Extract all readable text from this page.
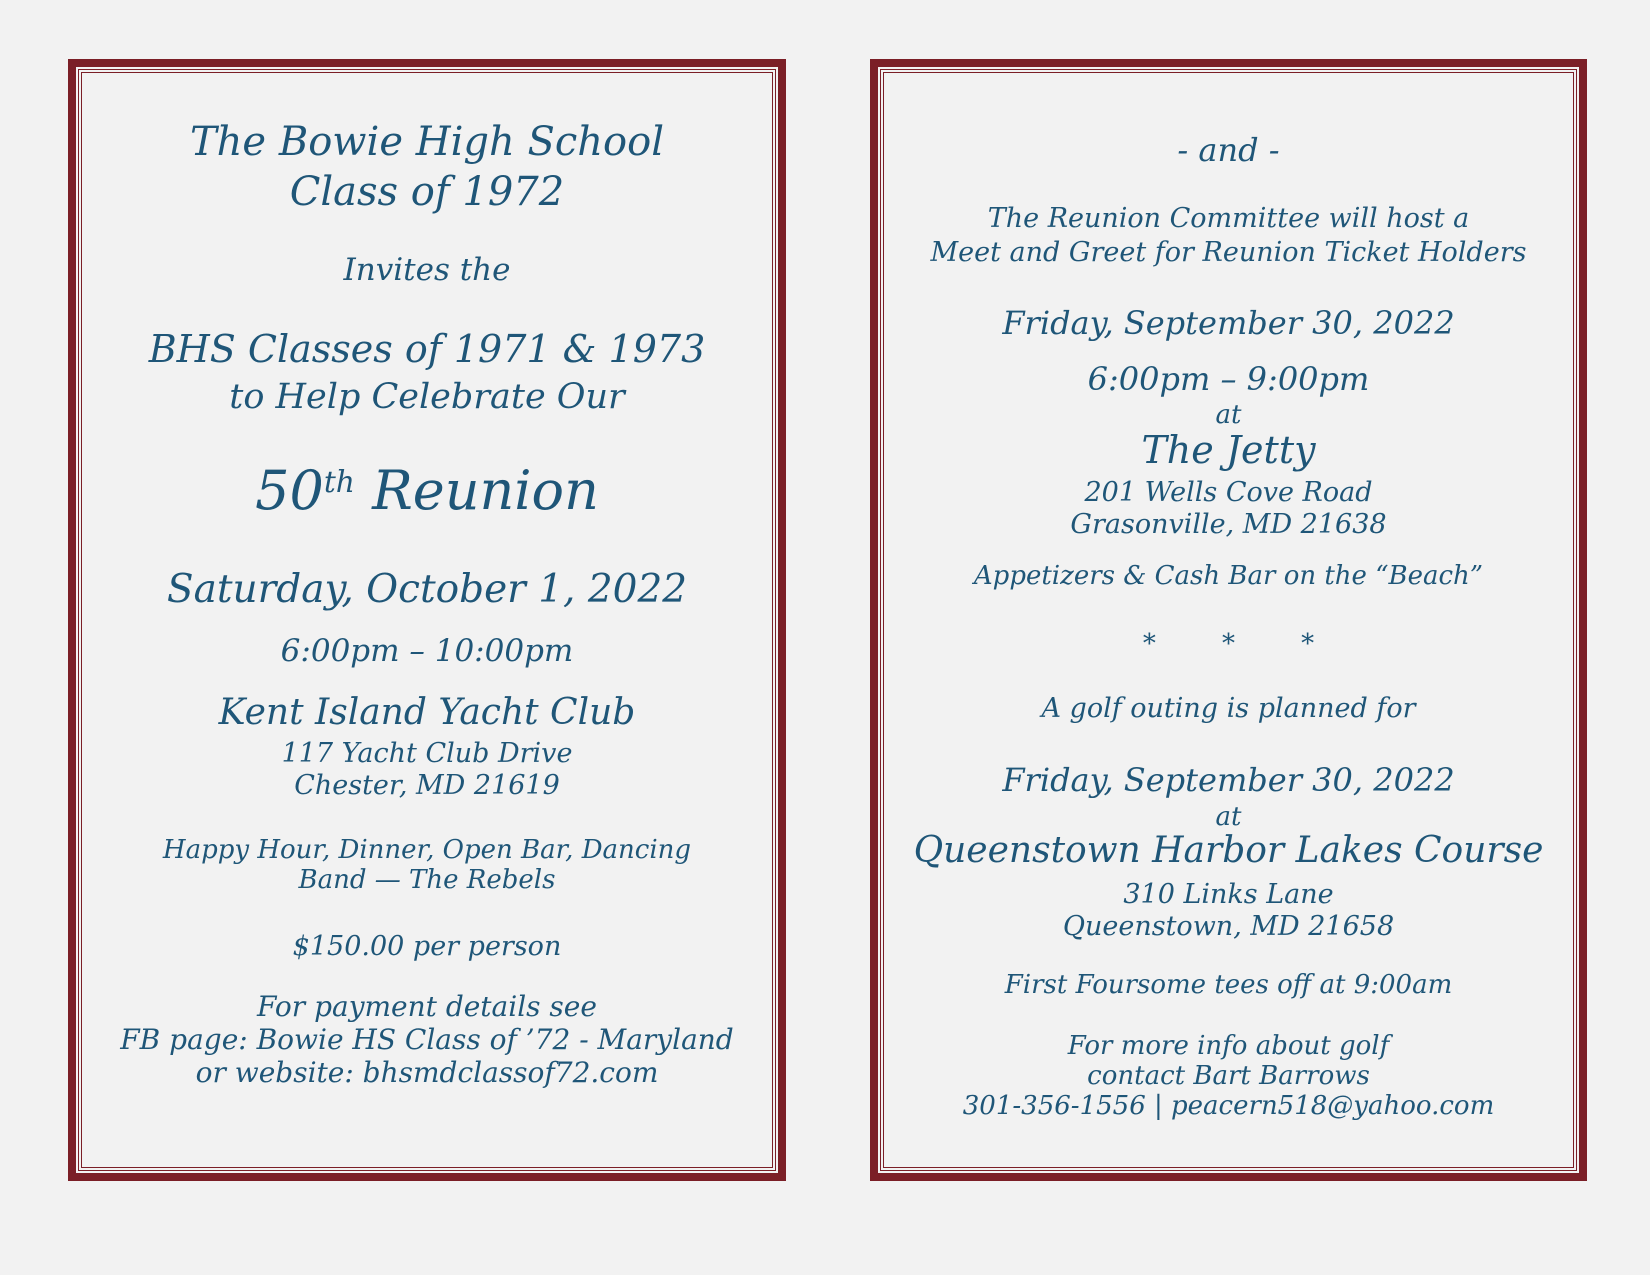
The Bowie High School
Class of 1972
Invites the
BHS Classes of 1971 & 1973
to Help Celebrate Our
50th Reunion
Saturday, October 1, 2022
6:00pm – 10:00pm
Kent Island Yacht Club
117 Yacht Club Drive
Chester, MD 21619
Happy Hour, Dinner, Open Bar, Dancing
Band — The Rebels
$150.00 per person
For payment details see
FB page: Bowie HS Class of ’72 - Maryland
or website: bhsmdclassof72.com
- and -
The Reunion Committee will host a
Meet and Greet for Reunion Ticket Holders
Friday, September 30, 2022
6:00pm – 9:00pm
at
The Jetty
201 Wells Cove Road
Grasonville, MD 21638
Appetizers & Cash Bar on the “Beach”
*        *        *
A golf outing is planned for
Friday, September 30, 2022
at
Queenstown Harbor Lakes Course
310 Links Lane
Queenstown, MD 21658
First Foursome tees off at 9:00am
For more info about golf
contact Bart Barrows
301-356-1556 | peacern518@yahoo.com
